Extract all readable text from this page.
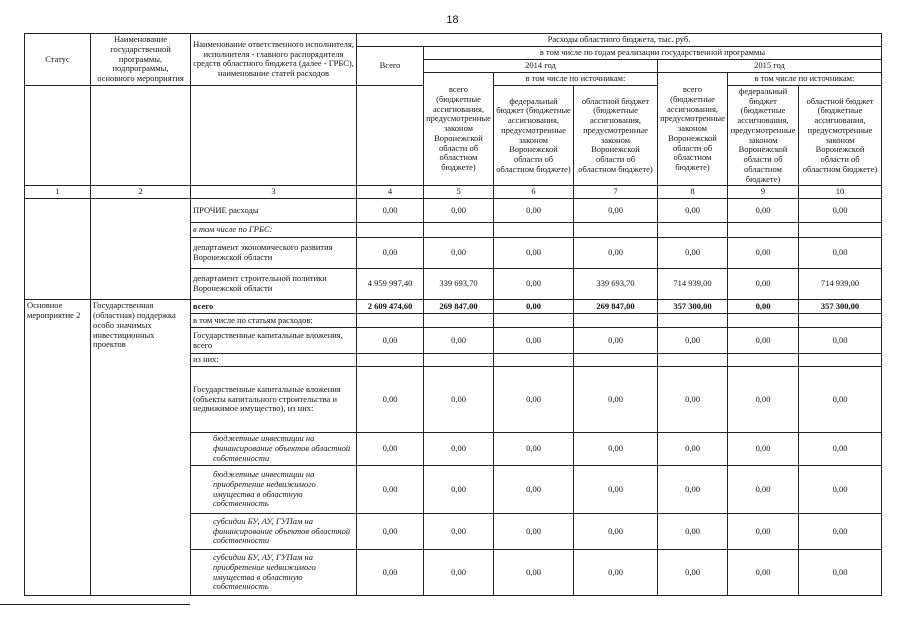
18
Статус	Наименование государственной программы, подпрограммы, основного мероприятия	Наименование ответственного исполнителя, исполнителя - главного распорядителя средств областного бюджета (далее - ГРБС), наименование статей расходов	Расходы областного бюджета, тыс. руб.						
			Всего	в том числе по годам реализации государственной программы					
				2014 год			2015 год		
				всего (бюджетные ассигнования, предусмотренные законом Воронежской области об областном бюджете)	в том числе по источникам:		всего (бюджетные ассигнования, предусмотренные законом Воронежской области об областном бюджете)	в том числе по источникам:	
					федеральный бюджет (бюджетные ассигнования, предусмотренные законом Воронежской области об областном бюджете)	областной бюджет (бюджетные ассигнования, предусмотренные законом Воронежской области об областном бюджете)		федеральный бюджет (бюджетные ассигнования, предусмотренные законом Воронежской области об областном бюджете)	областной бюджет (бюджетные ассигнования, предусмотренные законом Воронежской области об областном бюджете)
1	2	3	4	5	6	7	8	9	10
		ПРОЧИЕ расходы	0,00	0,00	0,00	0,00	0,00	0,00	0,00
		в том числе по ГРБС:							
		департамент экономического развития Воронежской области	0,00	0,00	0,00	0,00	0,00	0,00	0,00
		департамент строительной политики Воронежской области	4 959 997,40	339 693,70	0,00	339 693,70	714 939,00	0,00	714 939,00
Основное мероприятие 2	Государственная (областная) поддержка особо значимых инвестиционных проектов	всего	2 609 474,60	269 847,00	0,00	269 847,00	357 300,00	0,00	357 300,00
		в том числе по статьям расходов:							
		Государственные капитальные вложения, всего	0,00	0,00	0,00	0,00	0,00	0,00	0,00
		из них:							
		Государственные капитальные вложения (объекты капитального строительства и недвижимое имущество), из них:	0,00	0,00	0,00	0,00	0,00	0,00	0,00
		бюджетные инвестиции на финансирование объектов областной собственности	0,00	0,00	0,00	0,00	0,00	0,00	0,00
		бюджетные инвестиции на приобретение недвижимого имущества в областную собственность	0,00	0,00	0,00	0,00	0,00	0,00	0,00
		субсидии БУ, АУ, ГУПам на финансирование объектов областной собственности	0,00	0,00	0,00	0,00	0,00	0,00	0,00
		субсидии БУ, АУ, ГУПам на приобретение недвижимого имущества в областную собственность	0,00	0,00	0,00	0,00	0,00	0,00	0,00
